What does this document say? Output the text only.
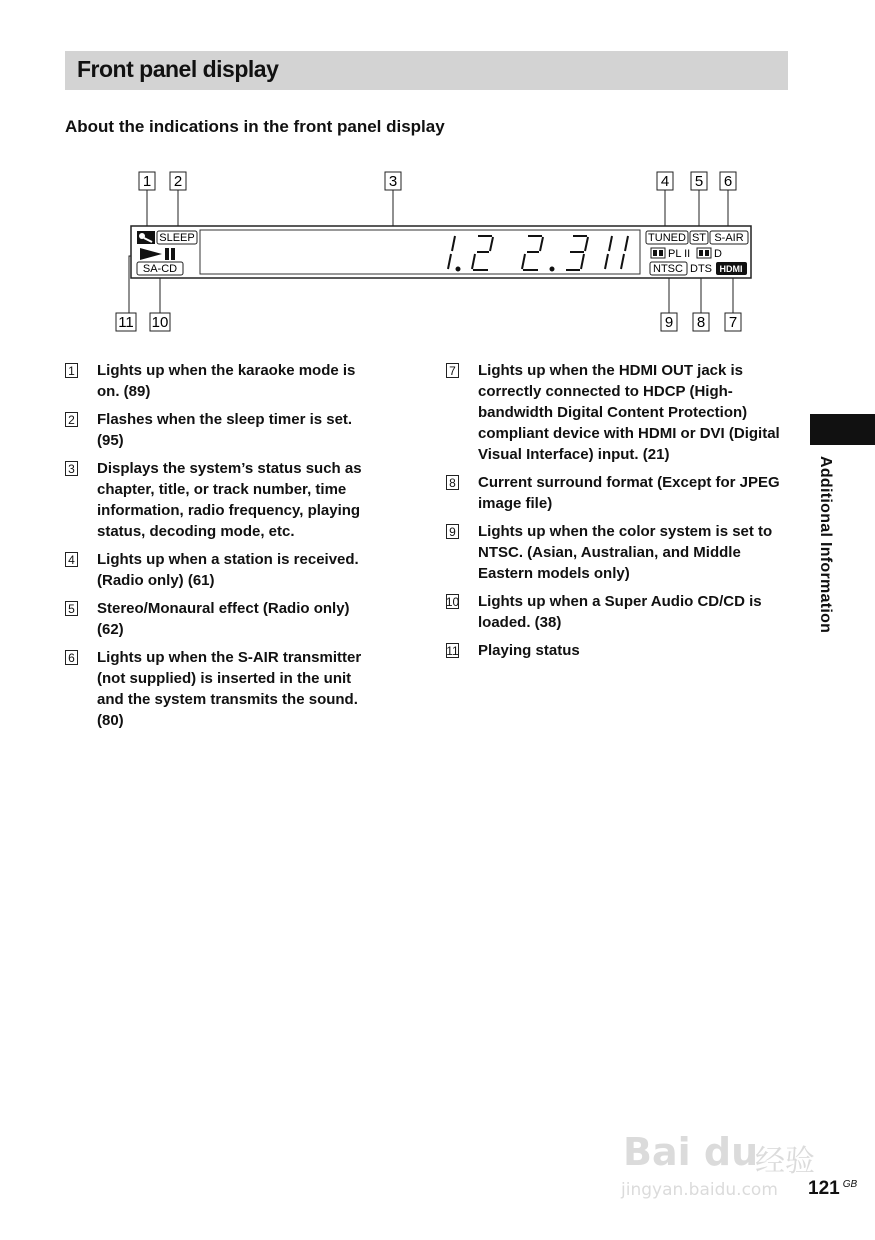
Front panel display
About the indications in the front panel display
1 2	3	4 5 6
SLEEP
SA-CD
TUNED ST S-AIR
PL II D
NTSC DTS HDMI
11 10	9 8 7
1 Lights up when the karaoke mode is on. (89)
2 Flashes when the sleep timer is set. (95)
3 Displays the system’s status such as chapter, title, or track number, time information, radio frequency, playing status, decoding mode, etc.
4 Lights up when a station is received. (Radio only) (61)
5 Stereo/Monaural effect (Radio only) (62)
6 Lights up when the S-AIR transmitter (not supplied) is inserted in the unit and the system transmits the sound. (80)
7 Lights up when the HDMI OUT jack is correctly connected to HDCP (High-bandwidth Digital Content Protection) compliant device with HDMI or DVI (Digital Visual Interface) input. (21)
8 Current surround format (Except for JPEG image file)
9 Lights up when the color system is set to NTSC. (Asian, Australian, and Middle Eastern models only)
10 Lights up when a Super Audio CD/CD is loaded. (38)
11 Playing status
Additional Information
Bai du
经验
jingyan.baidu.com 121 $^{GB}$
